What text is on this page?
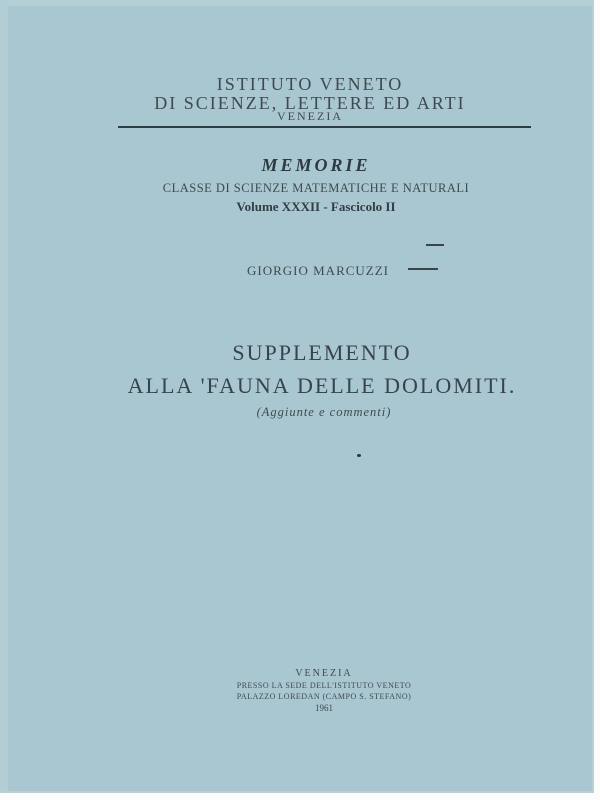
ISTITUTO VENETO
DI SCIENZE, LETTERE ED ARTI
VENEZIA
MEMORIE
CLASSE DI SCIENZE MATEMATICHE E NATURALI
Volume XXXII - Fascicolo II
GIORGIO MARCUZZI
SUPPLEMENTO
ALLA 'FAUNA DELLE DOLOMITI.
(Aggiunte e commenti)
VENEZIA
PRESSO LA SEDE DELL'ISTITUTO VENETO
PALAZZO LOREDAN (CAMPO S. STEFANO)
1961
